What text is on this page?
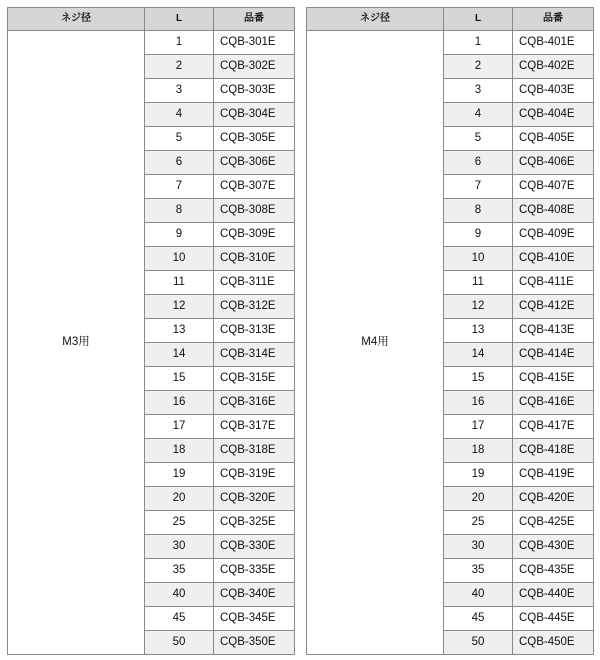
ネジ径	L	品番
M3用	1	CQB-301E
	2	CQB-302E
	3	CQB-303E
	4	CQB-304E
	5	CQB-305E
	6	CQB-306E
	7	CQB-307E
	8	CQB-308E
	9	CQB-309E
	10	CQB-310E
	11	CQB-311E
	12	CQB-312E
	13	CQB-313E
	14	CQB-314E
	15	CQB-315E
	16	CQB-316E
	17	CQB-317E
	18	CQB-318E
	19	CQB-319E
	20	CQB-320E
	25	CQB-325E
	30	CQB-330E
	35	CQB-335E
	40	CQB-340E
	45	CQB-345E
	50	CQB-350E
ネジ径	L	品番
M4用	1	CQB-401E
	2	CQB-402E
	3	CQB-403E
	4	CQB-404E
	5	CQB-405E
	6	CQB-406E
	7	CQB-407E
	8	CQB-408E
	9	CQB-409E
	10	CQB-410E
	11	CQB-411E
	12	CQB-412E
	13	CQB-413E
	14	CQB-414E
	15	CQB-415E
	16	CQB-416E
	17	CQB-417E
	18	CQB-418E
	19	CQB-419E
	20	CQB-420E
	25	CQB-425E
	30	CQB-430E
	35	CQB-435E
	40	CQB-440E
	45	CQB-445E
	50	CQB-450E
